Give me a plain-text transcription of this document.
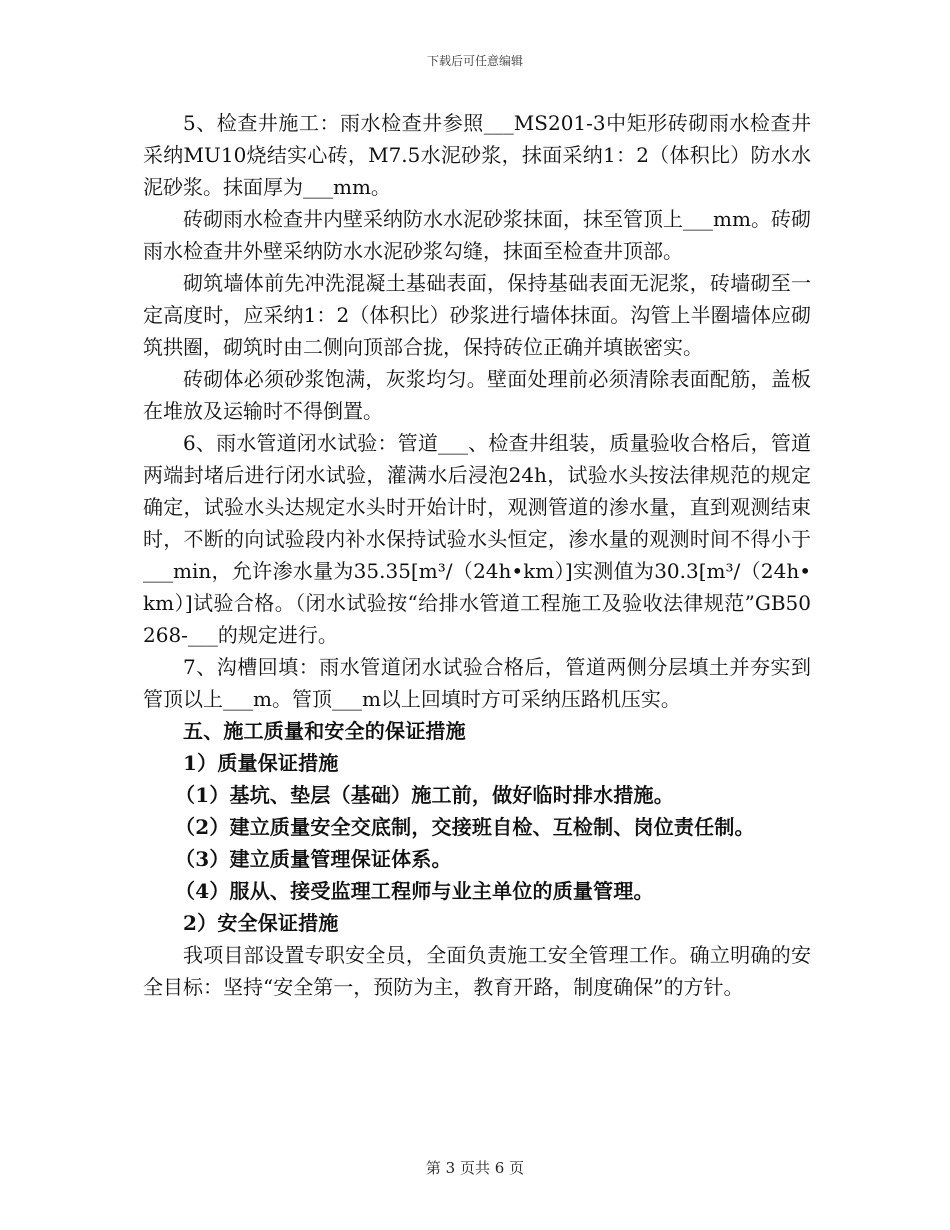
下载后可任意编辑

5、检查井施工：雨水检查井参照___MS201-3中矩形砖砌雨水检查井采纳MU10烧结实心砖，M7.5水泥砂浆，抹面采纳1：2（体积比）防水水泥砂浆。抹面厚为___mm。

砖砌雨水检查井内壁采纳防水水泥砂浆抹面，抹至管顶上___mm。砖砌雨水检查井外壁采纳防水水泥砂浆勾缝，抹面至检查井顶部。

砌筑墙体前先冲洗混凝土基础表面，保持基础表面无泥浆，砖墙砌至一定高度时，应采纳1：2（体积比）砂浆进行墙体抹面。沟管上半圈墙体应砌筑拱圈，砌筑时由二侧向顶部合拢，保持砖位正确并填嵌密实。

砖砌体必须砂浆饱满，灰浆均匀。壁面处理前必须清除表面配筋，盖板在堆放及运输时不得倒置。

6、雨水管道闭水试验：管道___、检查井组装，质量验收合格后，管道两端封堵后进行闭水试验，灌满水后浸泡24h，试验水头按法律规范的规定确定，试验水头达规定水头时开始计时，观测管道的渗水量，直到观测结束时，不断的向试验段内补水保持试验水头恒定，渗水量的观测时间不得小于___min，允许渗水量为35.35[m³/（24h•km）]实测值为30.3[m³/（24h•km）]试验合格。（闭水试验按“给排水管道工程施工及验收法律规范”GB50268-___的规定进行。

7、沟槽回填：雨水管道闭水试验合格后，管道两侧分层填土并夯实到管顶以上___m。管顶___m以上回填时方可采纳压路机压实。

五、施工质量和安全的保证措施

1）质量保证措施

（1）基坑、垫层（基础）施工前，做好临时排水措施。

（2）建立质量安全交底制，交接班自检、互检制、岗位责任制。

（3）建立质量管理保证体系。

（4）服从、接受监理工程师与业主单位的质量管理。

2）安全保证措施

我项目部设置专职安全员，全面负责施工安全管理工作。确立明确的安全目标：坚持“安全第一，预防为主，教育开路，制度确保”的方针。

第 3 页共 6 页
